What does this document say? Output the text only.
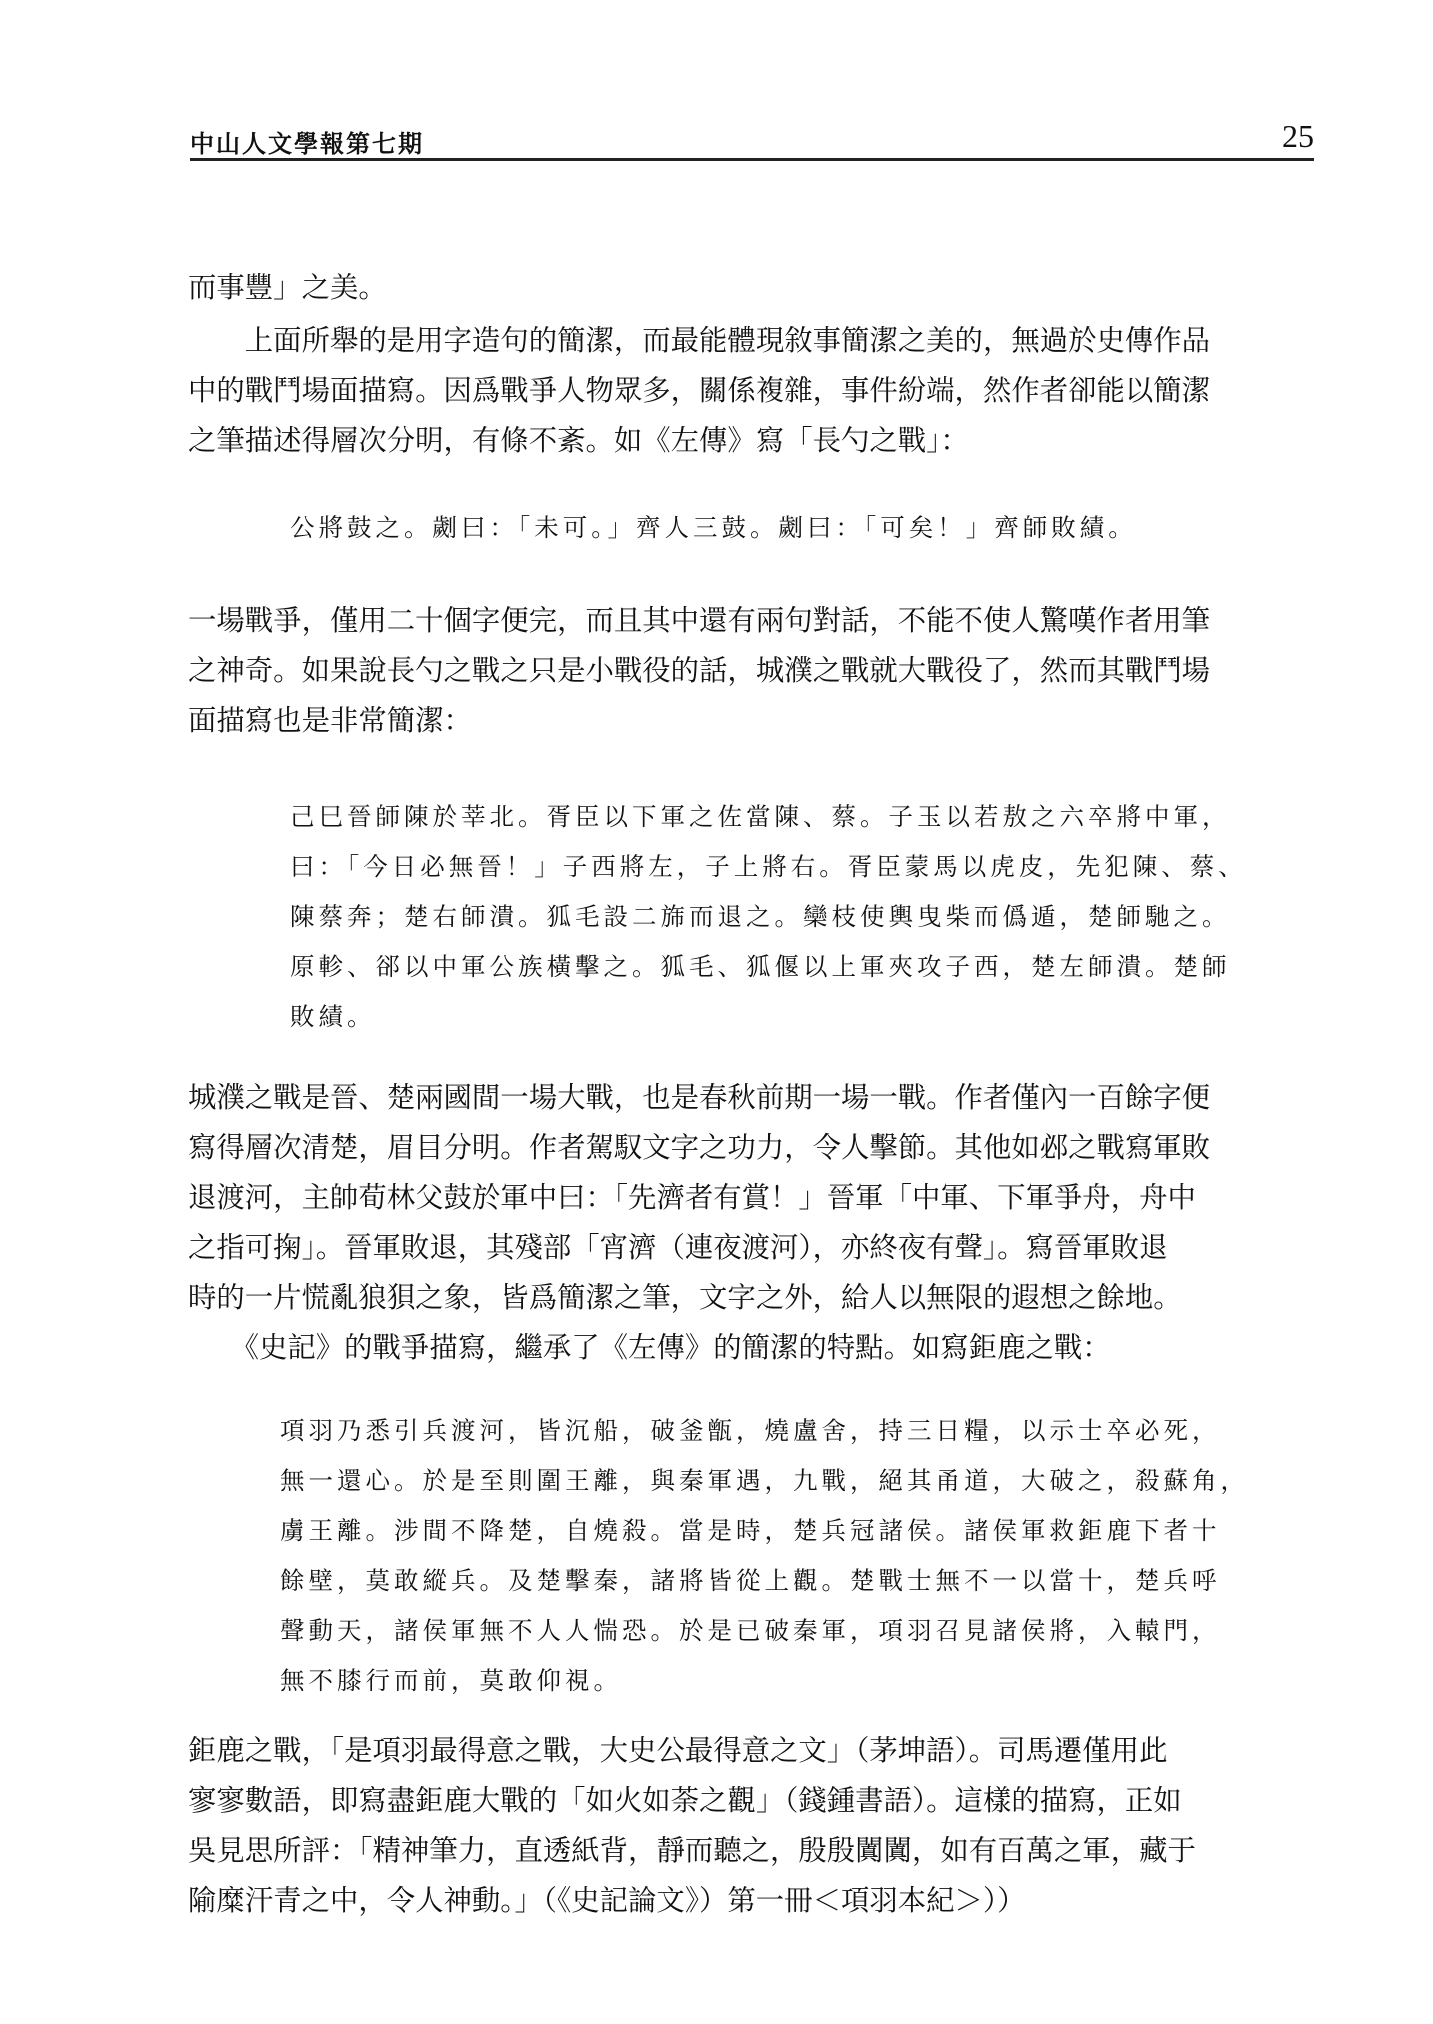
中山人文學報第七期	25
而事豐」之美。
　　上面所舉的是用字造句的簡潔，而最能體現敘事簡潔之美的，無過於史傳作品
中的戰鬥場面描寫。因爲戰爭人物眾多，關係複雜，事件紛端，然作者卻能以簡潔
之筆描述得層次分明，有條不紊。如《左傳》寫「長勺之戰」：
公將鼓之。劌曰：「未可。」齊人三鼓。劌曰：「可矣！」齊師敗績。
一場戰爭，僅用二十個字便完，而且其中還有兩句對話，不能不使人驚嘆作者用筆
之神奇。如果說長勺之戰之只是小戰役的話，城濮之戰就大戰役了，然而其戰鬥場
面描寫也是非常簡潔：
己巳晉師陳於莘北。胥臣以下軍之佐當陳、蔡。子玉以若敖之六卒將中軍，
曰：「今日必無晉！」子西將左，子上將右。胥臣蒙馬以虎皮，先犯陳、蔡、
陳蔡奔；楚右師潰。狐毛設二旆而退之。欒枝使輿曳柴而僞遁，楚師馳之。
原軫、郤以中軍公族橫擊之。狐毛、狐偃以上軍夾攻子西，楚左師潰。楚師
敗績。
城濮之戰是晉、楚兩國間一場大戰，也是春秋前期一場一戰。作者僅內一百餘字便
寫得層次清楚，眉目分明。作者駕馭文字之功力，令人擊節。其他如邲之戰寫軍敗
退渡河，主帥荀林父鼓於軍中曰：「先濟者有賞！」晉軍「中軍、下軍爭舟，舟中
之指可掬」。晉軍敗退，其殘部「宵濟（連夜渡河），亦終夜有聲」。寫晉軍敗退
時的一片慌亂狼狽之象，皆爲簡潔之筆，文字之外，給人以無限的遐想之餘地。
　　《史記》的戰爭描寫，繼承了《左傳》的簡潔的特點。如寫鉅鹿之戰：
項羽乃悉引兵渡河，皆沉船，破釜甑，燒盧舍，持三日糧，以示士卒必死，
無一還心。於是至則圍王離，與秦軍遇，九戰，絕其甬道，大破之，殺蘇角，
虜王離。涉間不降楚，自燒殺。當是時，楚兵冠諸侯。諸侯軍救鉅鹿下者十
餘壁，莫敢縱兵。及楚擊秦，諸將皆從上觀。楚戰士無不一以當十，楚兵呼
聲動天，諸侯軍無不人人惴恐。於是已破秦軍，項羽召見諸侯將，入轅門，
無不膝行而前，莫敢仰視。
鉅鹿之戰，「是項羽最得意之戰，大史公最得意之文」（茅坤語）。司馬遷僅用此
寥寥數語，即寫盡鉅鹿大戰的「如火如荼之觀」（錢鍾書語）。這樣的描寫，正如
吳見思所評：「精神筆力，直透紙背，靜而聽之，殷殷闐闐，如有百萬之軍，藏于
隃糜汗青之中，令人神動。」（《史記論文》）第一冊＜項羽本紀＞））
